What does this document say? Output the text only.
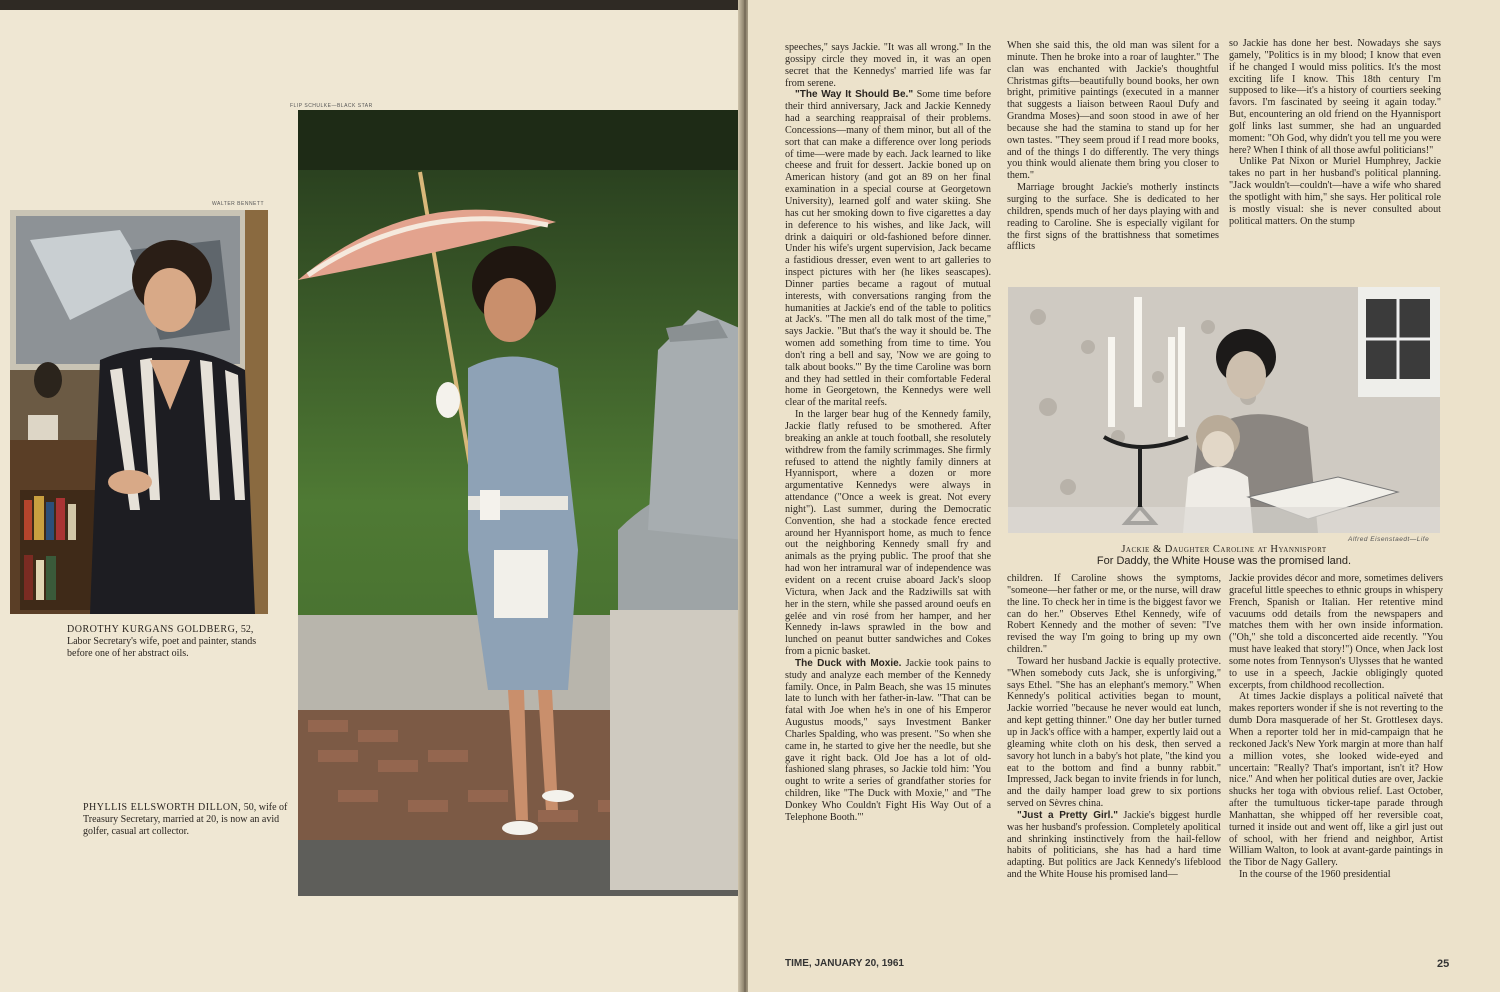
WALTER BENNETT
FLIP SCHULKE—BLACK STAR
DOROTHY KURGANS GOLDBERG, 52, Labor Secretary's wife, poet and painter, stands before one of her abstract oils.
PHYLLIS ELLSWORTH DILLON, 50, wife of Treasury Secretary, married at 20, is now an avid golfer, casual art collector.

speeches," says Jackie. "It was all wrong." In the gossipy circle they moved in, it was an open secret that the Kennedys' married life was far from serene.

"The Way It Should Be." Some time before their third anniversary, Jack and Jackie Kennedy had a searching reappraisal of their problems. Concessions—many of them minor, but all of the sort that can make a difference over long periods of time—were made by each. Jack learned to like cheese and fruit for dessert. Jackie boned up on American history (and got an 89 on her final examination in a special course at Georgetown University), learned golf and water skiing. She has cut her smoking down to five cigarettes a day in deference to his wishes, and like Jack, will drink a daiquiri or old-fashioned before dinner. Under his wife's urgent supervision, Jack became a fastidious dresser, even went to art galleries to inspect pictures with her (he likes seascapes). Dinner parties became a ragout of mutual interests, with conversations ranging from the humanities at Jackie's end of the table to politics at Jack's. "The men all do talk most of the time," says Jackie. "But that's the way it should be. The women add something from time to time. You don't ring a bell and say, 'Now we are going to talk about books.'" By the time Caroline was born and they had settled in their comfortable Federal home in Georgetown, the Kennedys were well clear of the marital reefs.

In the larger bear hug of the Kennedy family, Jackie flatly refused to be smothered. After breaking an ankle at touch football, she resolutely withdrew from the family scrimmages. She firmly refused to attend the nightly family dinners at Hyannisport, where a dozen or more argumentative Kennedys were always in attendance ("Once a week is great. Not every night"). Last summer, during the Democratic Convention, she had a stockade fence erected around her Hyannisport home, as much to fence out the neighboring Kennedy small fry and animals as the prying public. The proof that she had won her intramural war of independence was evident on a recent cruise aboard Jack's sloop Victura, when Jack and the Radziwills sat with her in the stern, while she passed around oeufs en gelée and vin rosé from her hamper, and her Kennedy in-laws sprawled in the bow and lunched on peanut butter sandwiches and Cokes from a picnic basket.

The Duck with Moxie. Jackie took pains to study and analyze each member of the Kennedy family. Once, in Palm Beach, she was 15 minutes late to lunch with her father-in-law. "That can be fatal with Joe when he's in one of his Emperor Augustus moods," says Investment Banker Charles Spalding, who was present. "So when she came in, he started to give her the needle, but she gave it right back. Old Joe has a lot of old-fashioned slang phrases, so Jackie told him: 'You ought to write a series of grandfather stories for children, like "The Duck with Moxie," and "The Donkey Who Couldn't Fight His Way Out of a Telephone Booth."'

When she said this, the old man was silent for a minute. Then he broke into a roar of laughter." The clan was enchanted with Jackie's thoughtful Christmas gifts—beautifully bound books, her own bright, primitive paintings (executed in a manner that suggests a liaison between Raoul Dufy and Grandma Moses)—and soon stood in awe of her because she had the stamina to stand up for her own tastes. "They seem proud if I read more books, and of the things I do differently. The very things you think would alienate them bring you closer to them."

Marriage brought Jackie's motherly instincts surging to the surface. She is dedicated to her children, spends much of her days playing with and reading to Caroline. She is especially vigilant for the first signs of the brattishness that sometimes afflicts

so Jackie has done her best. Nowadays she says gamely, "Politics is in my blood; I know that even if he changed I would miss politics. It's the most exciting life I know. This 18th century I'm supposed to like—it's a history of courtiers seeking favors. I'm fascinated by seeing it again today." But, encountering an old friend on the Hyannisport golf links last summer, she had an unguarded moment: "Oh God, why didn't you tell me you were here? When I think of all those awful politicians!"

Unlike Pat Nixon or Muriel Humphrey, Jackie takes no part in her husband's political planning. "Jack wouldn't—couldn't—have a wife who shared the spotlight with him," she says. Her political role is mostly visual: she is never consulted about political matters. On the stump

Alfred Eisenstaedt—Life
Jackie & Daughter Caroline at Hyannisport
For Daddy, the White House was the promised land.

children. If Caroline shows the symptoms, "someone—her father or me, or the nurse, will draw the line. To check her in time is the biggest favor we can do her." Observes Ethel Kennedy, wife of Robert Kennedy and the mother of seven: "I've revised the way I'm going to bring up my own children."

Toward her husband Jackie is equally protective. "When somebody cuts Jack, she is unforgiving," says Ethel. "She has an elephant's memory." When Kennedy's political activities began to mount, Jackie worried "because he never would eat lunch, and kept getting thinner." One day her butler turned up in Jack's office with a hamper, expertly laid out a gleaming white cloth on his desk, then served a savory hot lunch in a baby's hot plate, "the kind you eat to the bottom and find a bunny rabbit." Impressed, Jack began to invite friends in for lunch, and the daily hamper load grew to six portions served on Sèvres china.

"Just a Pretty Girl." Jackie's biggest hurdle was her husband's profession. Completely apolitical and shrinking instinctively from the hail-fellow habits of politicians, she has had a hard time adapting. But politics are Jack Kennedy's lifeblood and the White House his promised land—

Jackie provides décor and more, sometimes delivers graceful little speeches to ethnic groups in whispery French, Spanish or Italian. Her retentive mind vacuums odd details from the newspapers and matches them with her own inside information. ("Oh," she told a disconcerted aide recently. "You must have leaked that story!") Once, when Jack lost some notes from Tennyson's Ulysses that he wanted to use in a speech, Jackie obligingly quoted excerpts, from childhood recollection.

At times Jackie displays a political naïveté that makes reporters wonder if she is not reverting to the dumb Dora masquerade of her St. Grottlesex days. When a reporter told her in mid-campaign that he reckoned Jack's New York margin at more than half a million votes, she looked wide-eyed and uncertain: "Really? That's important, isn't it? How nice." And when her political duties are over, Jackie shucks her toga with obvious relief. Last October, after the tumultuous ticker-tape parade through Manhattan, she whipped off her reversible coat, turned it inside out and went off, like a girl just out of school, with her friend and neighbor, Artist William Walton, to look at avant-garde paintings in the Tibor de Nagy Gallery.

In the course of the 1960 presidential

TIME, JANUARY 20, 1961	25
